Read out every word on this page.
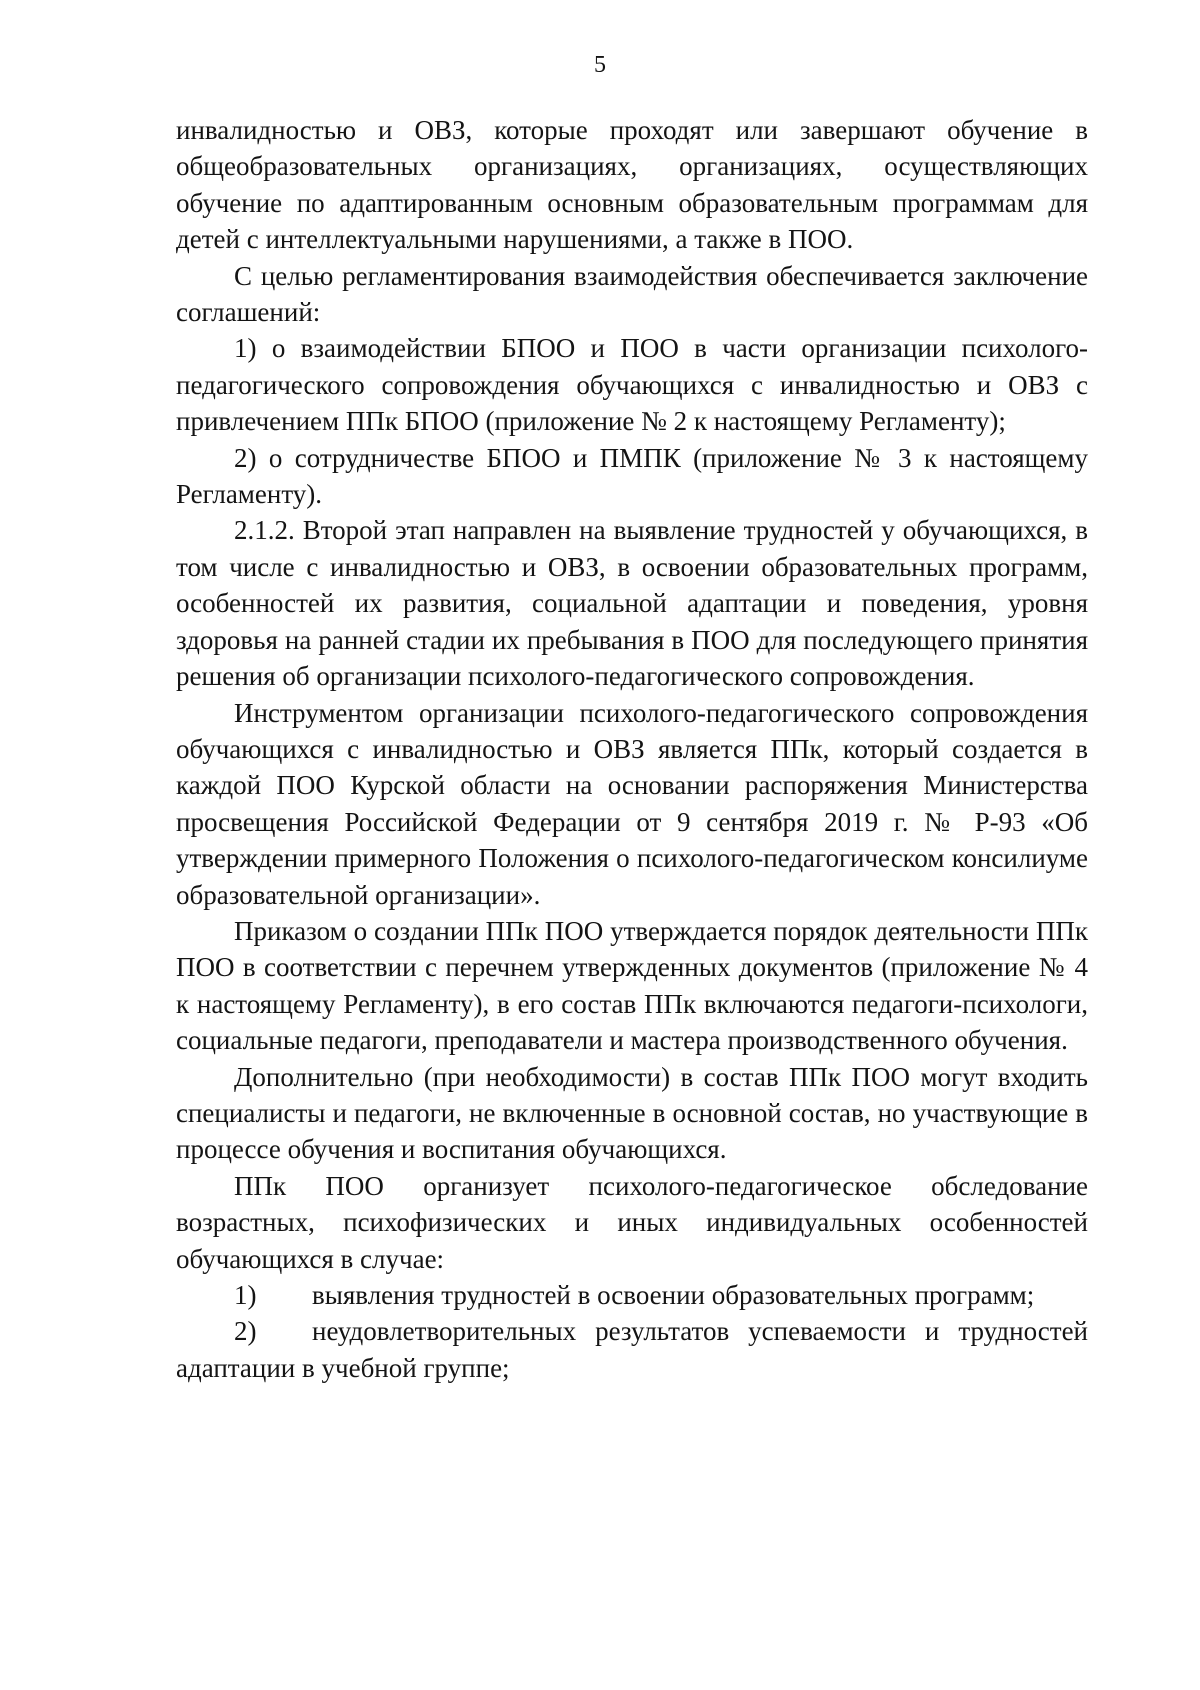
5

инвалидностью и ОВЗ, которые проходят или завершают обучение в общеобразовательных организациях, организациях, осуществляющих обучение по адаптированным основным образовательным программам для детей с интеллектуальными нарушениями, а также в ПОО.

С целью регламентирования взаимодействия обеспечивается заключение соглашений:

1) о взаимодействии БПОО и ПОО в части организации психолого-педагогического сопровождения обучающихся с инвалидностью и ОВЗ с привлечением ППк БПОО (приложение № 2 к настоящему Регламенту);

2) о сотрудничестве БПОО и ПМПК (приложение № 3 к настоящему Регламенту).

2.1.2. Второй этап направлен на выявление трудностей у обучающихся, в том числе с инвалидностью и ОВЗ, в освоении образовательных программ, особенностей их развития, социальной адаптации и поведения, уровня здоровья на ранней стадии их пребывания в ПОО для последующего принятия решения об организации психолого-педагогического сопровождения.

Инструментом организации психолого-педагогического сопровождения обучающихся с инвалидностью и ОВЗ является ППк, который создается в каждой ПОО Курской области на основании распоряжения Министерства просвещения Российской Федерации от 9 сентября 2019 г. № Р-93 «Об утверждении примерного Положения о психолого-педагогическом консилиуме образовательной организации».

Приказом о создании ППк ПОО утверждается порядок деятельности ППк ПОО в соответствии с перечнем утвержденных документов (приложение № 4 к настоящему Регламенту), в его состав ППк включаются педагоги-психологи, социальные педагоги, преподаватели и мастера производственного обучения.

Дополнительно (при необходимости) в состав ППк ПОО могут входить специалисты и педагоги, не включенные в основной состав, но участвующие в процессе обучения и воспитания обучающихся.

ППк ПОО организует психолого-педагогическое обследование возрастных, психофизических и иных индивидуальных особенностей обучающихся в случае:

1) выявления трудностей в освоении образовательных программ;

2) неудовлетворительных результатов успеваемости и трудностей адаптации в учебной группе;
